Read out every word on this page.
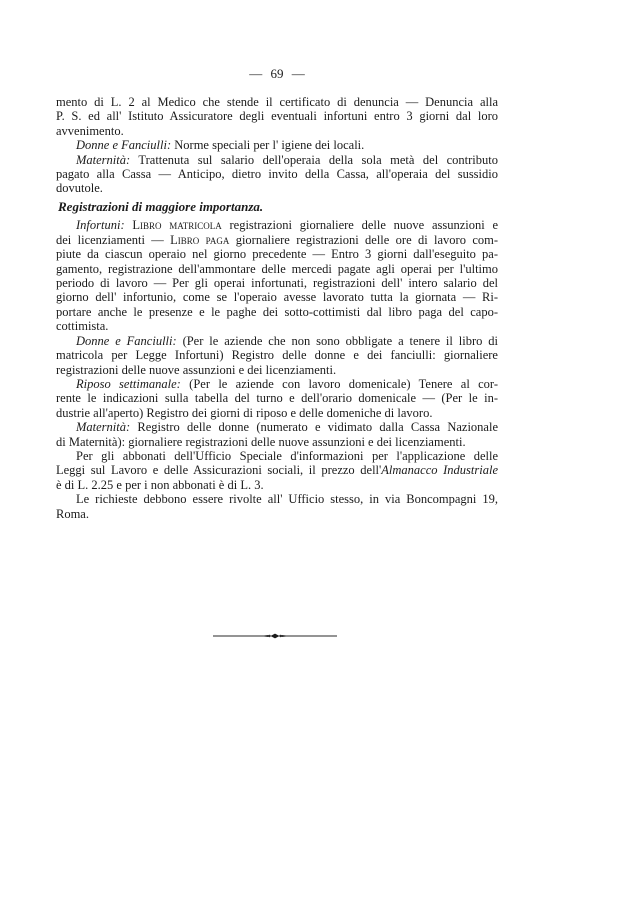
— 69 —
mento di L. 2 al Medico che stende il certificato di denuncia — Denuncia alla
P. S. ed all' Istituto Assicuratore degli eventuali infortuni entro 3 giorni dal loro
avvenimento.
Donne e Fanciulli: Norme speciali per l' igiene dei locali.
Maternità: Trattenuta sul salario dell'operaia della sola metà del contributo
pagato alla Cassa — Anticipo, dietro invito della Cassa, all'operaia del sussidio
dovutole.
Registrazioni di maggiore importanza.
Infortuni: Libro matricola registrazioni giornaliere delle nuove assunzioni e
dei licenziamenti — Libro paga giornaliere registrazioni delle ore di lavoro com-
piute da ciascun operaio nel giorno precedente — Entro 3 giorni dall'eseguito pa-
gamento, registrazione dell'ammontare delle mercedi pagate agli operai per l'ultimo
periodo di lavoro — Per gli operai infortunati, registrazioni dell' intero salario del
giorno dell' infortunio, come se l'operaio avesse lavorato tutta la giornata — Ri-
portare anche le presenze e le paghe dei sotto-cottimisti dal libro paga del capo-
cottimista.
Donne e Fanciulli: (Per le aziende che non sono obbligate a tenere il libro di
matricola per Legge Infortuni) Registro delle donne e dei fanciulli: giornaliere
registrazioni delle nuove assunzioni e dei licenziamenti.
Riposo settimanale: (Per le aziende con lavoro domenicale) Tenere al cor-
rente le indicazioni sulla tabella del turno e dell'orario domenicale — (Per le in-
dustrie all'aperto) Registro dei giorni di riposo e delle domeniche di lavoro.
Maternità: Registro delle donne (numerato e vidimato dalla Cassa Nazionale
di Maternità): giornaliere registrazioni delle nuove assunzioni e dei licenziamenti.
Per gli abbonati dell'Ufficio Speciale d'informazioni per l'applicazione delle
Leggi sul Lavoro e delle Assicurazioni sociali, il prezzo dell'Almanacco Industriale
è di L. 2.25 e per i non abbonati è di L. 3.
Le richieste debbono essere rivolte all' Ufficio stesso, in via Boncompagni 19,
Roma.
